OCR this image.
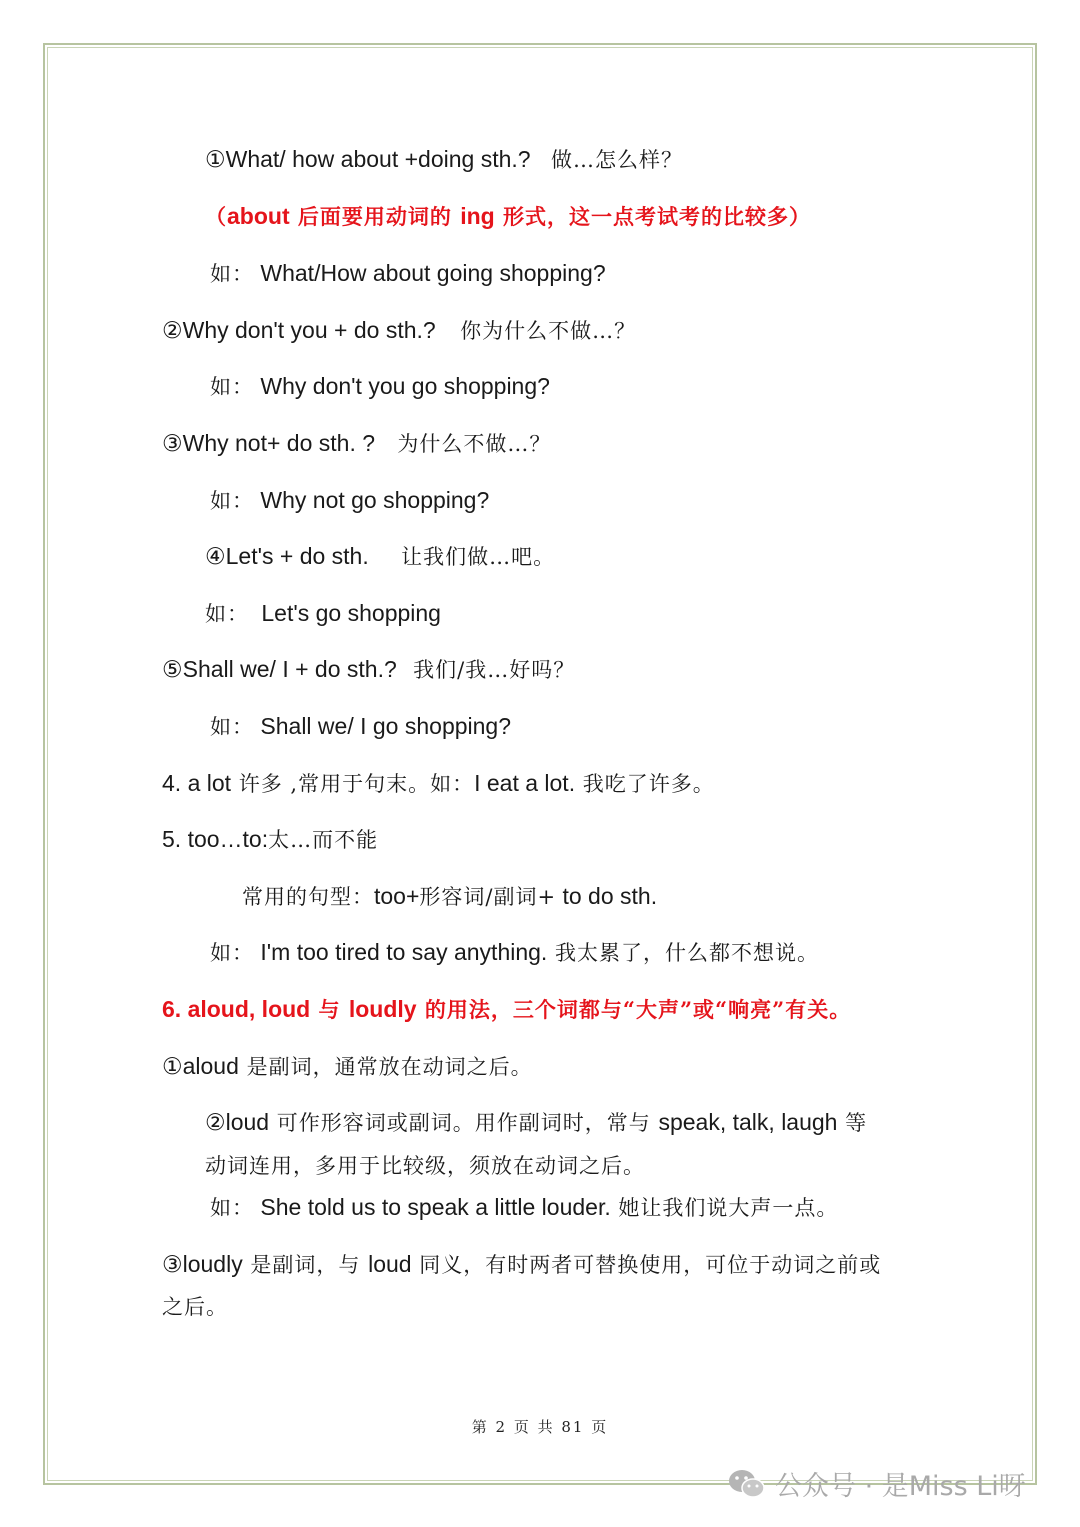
①What/ how about +doing sth.? 做…怎么样？
（about 后面要用动词的 ing 形式，这一点考试考的比较多）
如： What/How about going shopping?
②Why don't you + do sth.? 你为什么不做…？
如： Why don't you go shopping?
③Why not+ do sth. ? 为什么不做…？
如： Why not go shopping?
④Let's + do sth. 让我们做…吧。
如： Let's go shopping
⑤Shall we/ I + do sth.? 我们/我…好吗？
如： Shall we/ I go shopping?
4. a lot 许多 ,常用于句末。如：I eat a lot. 我吃了许多。
5. too…to:太…而不能
常用的句型：too+形容词/副词+ to do sth.
如： I'm too tired to say anything. 我太累了，什么都不想说。
6. aloud, loud 与 loudly 的用法，三个词都与“大声”或“响亮”有关。
①aloud 是副词，通常放在动词之后。
②loud 可作形容词或副词。用作副词时，常与 speak, talk, laugh 等
动词连用，多用于比较级，须放在动词之后。
如： She told us to speak a little louder. 她让我们说大声一点。
③loudly 是副词，与 loud 同义，有时两者可替换使用，可位于动词之前或
之后。
第 2 页 共 81 页
公众号 · 是Miss Li呀
